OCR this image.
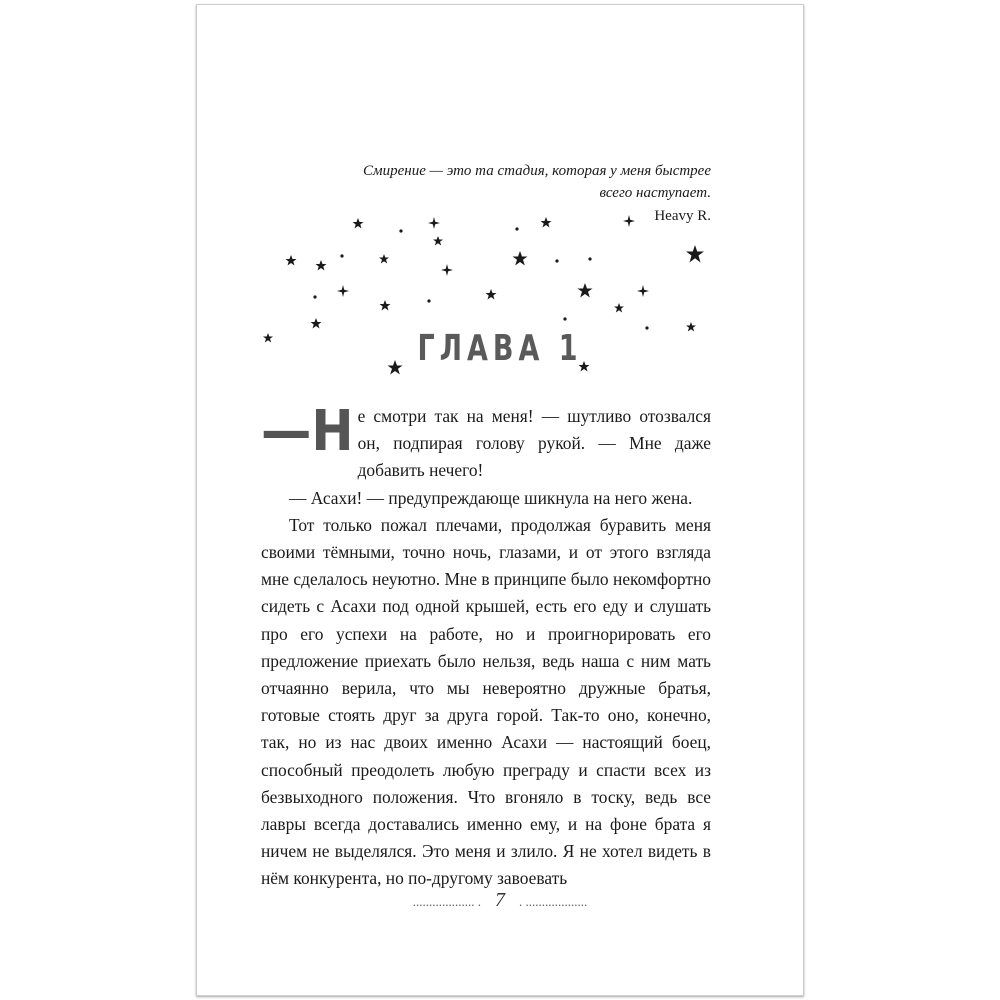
Смирение — это та стадия, которая у меня быстрее
всего наступает.
Heavy R.
ГЛАВА 1

—Н е смотри так на меня! — шутливо отозвался он, подпирая голову рукой. — Мне даже добавить нечего!

— Асахи! — предупреждающе шикнула на него жена.

Тот только пожал плечами, продолжая буравить меня своими тёмными, точно ночь, глазами, и от этого взгляда мне сделалось неуютно. Мне в принципе было некомфортно сидеть с Асахи под одной крышей, есть его еду и слушать про его успехи на работе, но и проигнорировать его предложение приехать было нельзя, ведь наша с ним мать отчаянно верила, что мы невероятно дружные братья, готовые стоять друг за друга горой. Так-то оно, конечно, так, но из нас двоих именно Асахи — настоящий боец, способный преодолеть любую преграду и спасти всех из безвыходного положения. Что вгоняло в тоску, ведь все лавры всегда доставались именно ему, и на фоне брата я ничем не выделялся. Это меня и злило. Я не хотел видеть в нём конкурента, но по-другому завоевать

................... . 7 . ...................
